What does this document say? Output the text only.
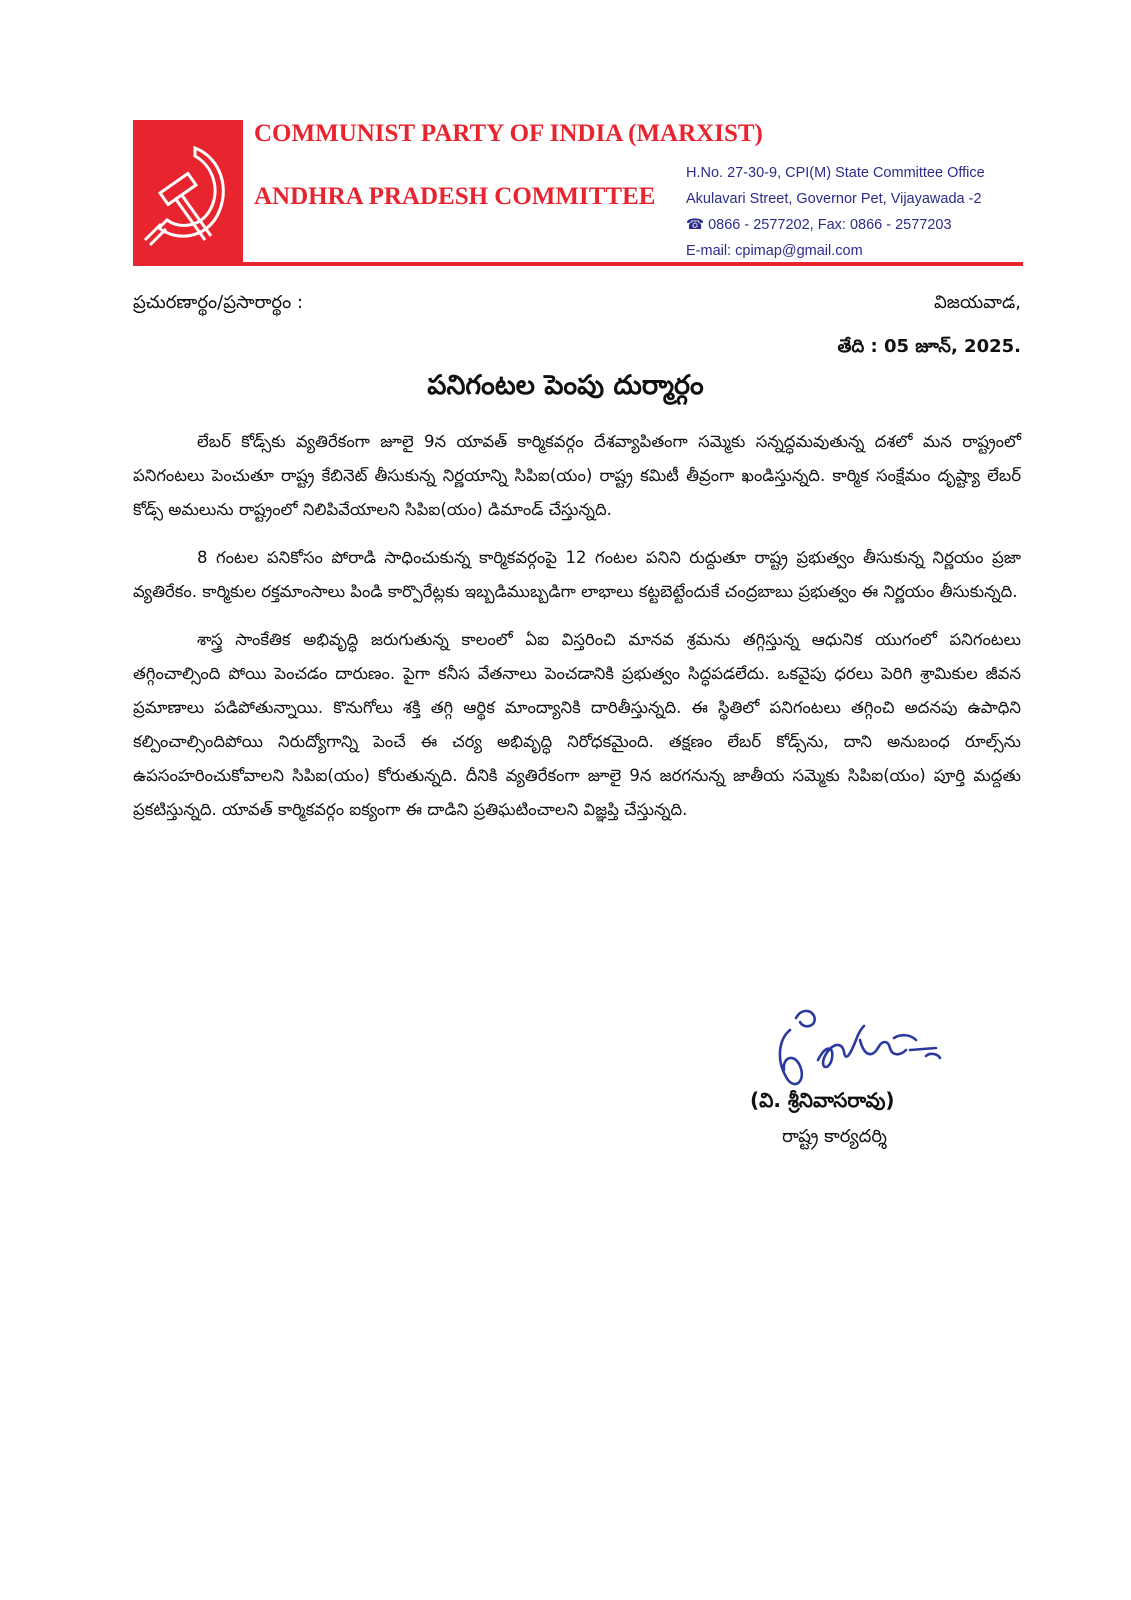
COMMUNIST PARTY OF INDIA (MARXIST)
ANDHRA PRADESH COMMITTEE
H.No. 27-30-9, CPI(M) State Committee Office
Akulavari Street, Governor Pet, Vijayawada -2
☎ 0866 - 2577202, Fax: 0866 - 2577203
E-mail: cpimap@gmail.com
ప్రచురణార్థం/ప్రసారార్థం :	విజయవాడ,
తేది : 05 జూన్, 2025.
పనిగంటల పెంపు దుర్మార్గం

లేబర్ కోడ్స్‌కు వ్యతిరేకంగా జూలై 9న యావత్ కార్మికవర్గం దేశవ్యాపితంగా సమ్మెకు సన్నద్ధమవుతున్న దశలో మన రాష్ట్రంలో పనిగంటలు పెంచుతూ రాష్ట్ర కేబినెట్ తీసుకున్న నిర్ణయాన్ని సిపిఐ(యం) రాష్ట్ర కమిటీ తీవ్రంగా ఖండిస్తున్నది. కార్మిక సంక్షేమం దృష్ట్యా లేబర్ కోడ్స్ అమలును రాష్ట్రంలో నిలిపివేయాలని సిపిఐ(యం) డిమాండ్ చేస్తున్నది.

8 గంటల పనికోసం పోరాడి సాధించుకున్న కార్మికవర్గంపై 12 గంటల పనిని రుద్దుతూ రాష్ట్ర ప్రభుత్వం తీసుకున్న నిర్ణయం ప్రజా వ్యతిరేకం. కార్మికుల రక్తమాంసాలు పిండి కార్పొరేట్లకు ఇబ్బడిముబ్బడిగా లాభాలు కట్టబెట్టేందుకే చంద్రబాబు ప్రభుత్వం ఈ నిర్ణయం తీసుకున్నది.

శాస్త్ర సాంకేతిక అభివృద్ధి జరుగుతున్న కాలంలో ఏఐ విస్తరించి మానవ శ్రమను తగ్గిస్తున్న ఆధునిక యుగంలో పనిగంటలు తగ్గించాల్సింది పోయి పెంచడం దారుణం. పైగా కనీస వేతనాలు పెంచడానికి ప్రభుత్వం సిద్ధపడలేదు. ఒకవైపు ధరలు పెరిగి శ్రామికుల జీవన ప్రమాణాలు పడిపోతున్నాయి. కొనుగోలు శక్తి తగ్గి ఆర్థిక మాంద్యానికి దారితీస్తున్నది. ఈ స్థితిలో పనిగంటలు తగ్గించి అదనపు ఉపాధిని కల్పించాల్సిందిపోయి నిరుద్యోగాన్ని పెంచే ఈ చర్య అభివృద్ధి నిరోధకమైంది. తక్షణం లేబర్ కోడ్స్‌ను, దాని అనుబంధ రూల్స్‌ను ఉపసంహరించుకోవాలని సిపిఐ(యం) కోరుతున్నది. దీనికి వ్యతిరేకంగా జూలై 9న జరగనున్న జాతీయ సమ్మెకు సిపిఐ(యం) పూర్తి మద్దతు ప్రకటిస్తున్నది. యావత్ కార్మికవర్గం ఐక్యంగా ఈ దాడిని ప్రతిఘటించాలని విజ్ఞప్తి చేస్తున్నది.

(వి. శ్రీనివాసరావు)
రాష్ట్ర కార్యదర్శి
